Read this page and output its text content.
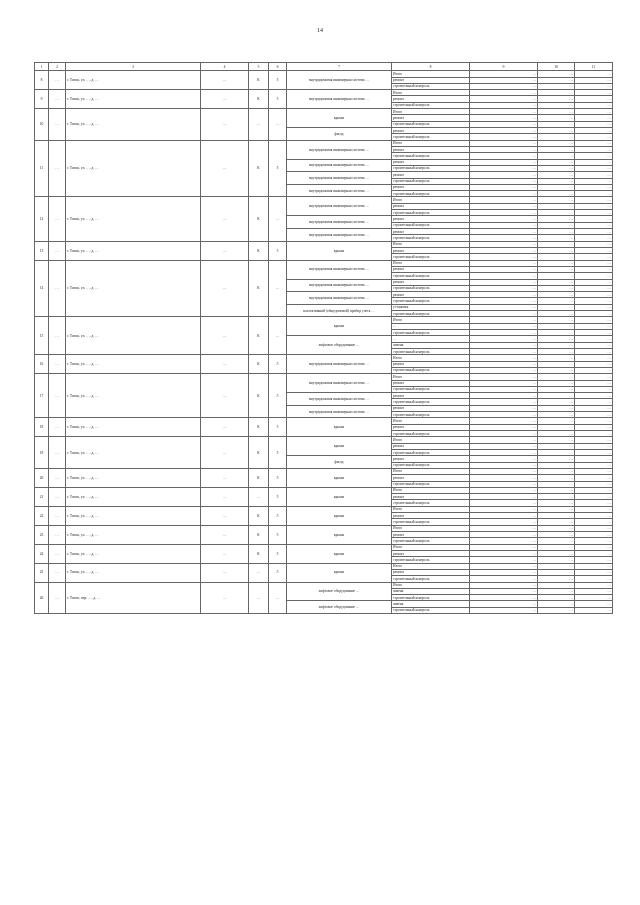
14
1	2	3	4	5	6	7	8	9	10	11
8	…	г. Томск, ул. …, д. …	…	К	5	внутридомовая инженерная система …	Итого	…	…	…
							ремонт	…	…	…
							строительный контроль	…	…	…
9	…	г. Томск, ул. …, д. …	…	К	5	внутридомовая инженерная система …	Итого	…	…	…
							ремонт	…	…	…
							строительный контроль	…	…	…
10	…	г. Томск, ул. …, д. …	…	…	…	крыша	Итого	…	…	…
							ремонт	…	…	…
							строительный контроль	…	…	…
						фасад	ремонт	…	…	…
							строительный контроль	…	…	…
11	…	г. Томск, ул. …, д. …	…	К	5	внутридомовая инженерная система …	Итого	…	…	…
							ремонт	…	…	…
							строительный контроль	…	…	…
						внутридомовая инженерная система …	ремонт	…	…	…
							строительный контроль	…	…	…
						внутридомовая инженерная система …	ремонт	…	…	…
							строительный контроль	…	…	…
						внутридомовая инженерная система …	ремонт	…	…	…
							строительный контроль	…	…	…
12	…	г. Томск, ул. …, д. …	…	К	…	внутридомовая инженерная система …	Итого	…	…	…
							ремонт	…	…	…
							строительный контроль	…	…	…
						внутридомовая инженерная система …	ремонт	…	…	…
							строительный контроль	…	…	…
						внутридомовая инженерная система …	ремонт	…	…	…
							строительный контроль	…	…	…
13	…	г. Томск, ул. …, д. …	…	К	5	крыша	Итого	…	…	…
							ремонт	…	…	…
							строительный контроль	…	…	…
14	…	г. Томск, ул. …, д. …	…	К	…	внутридомовая инженерная система …	Итого	…	…	…
							ремонт	…	…	…
							строительный контроль	…	…	…
						внутридомовая инженерная система …	ремонт	…	…	…
							строительный контроль	…	…	…
						внутридомовая инженерная система …	ремонт	…	…	…
							строительный контроль	…	…	…
						коллективный (общедомовой) прибор учета …	установка	…	…	…
							строительный контроль	…	…	…
15	…	г. Томск, ул. …, д. …	…	К	…	крыша	Итого	…	…	…
							…	…	…	…
							строительный контроль	…	…	…
						лифтовое оборудование …	…	…	…	…
							замена	…	…	…
							строительный контроль	…	…	…
16	…	г. Томск, ул. …, д. …	…	К	5	внутридомовая инженерная система …	Итого	…	…	…
							ремонт	…	…	…
							строительный контроль	…	…	…
17	…	г. Томск, ул. …, д. …	…	К	5	внутридомовая инженерная система …	Итого	…	…	…
							ремонт	…	…	…
							строительный контроль	…	…	…
						внутридомовая инженерная система …	ремонт	…	…	…
							строительный контроль	…	…	…
						внутридомовая инженерная система …	ремонт	…	…	…
							строительный контроль	…	…	…
18	…	г. Томск, ул. …, д. …	…	К	5	крыша	Итого	…	…	…
							ремонт	…	…	…
							строительный контроль	…	…	…
19	…	г. Томск, ул. …, д. …	…	К	5	крыша	Итого	…	…	…
							ремонт	…	…	…
							строительный контроль	…	…	…
						фасад	ремонт	…	…	…
							строительный контроль	…	…	…
20	…	г. Томск, ул. …, д. …	…	К	5	крыша	Итого	…	…	…
							ремонт	…	…	…
							строительный контроль	…	…	…
21	…	г. Томск, ул. …, д. …	…	…	5	крыша	Итого	…	…	…
							ремонт	…	…	…
							строительный контроль	…	…	…
22	…	г. Томск, ул. …, д. …	…	К	5	крыша	Итого	…	…	…
							ремонт	…	…	…
							строительный контроль	…	…	…
23	…	г. Томск, ул. …, д. …	…	К	5	крыша	Итого	…	…	…
							ремонт	…	…	…
							строительный контроль	…	…	…
24	…	г. Томск, ул. …, д. …	…	К	5	крыша	Итого	…	…	…
							ремонт	…	…	…
							строительный контроль	…	…	…
25	…	г. Томск, ул. …, д. …	…	…	5	крыша	Итого	…	…	…
							ремонт	…	…	…
							строительный контроль	…	…	…
26	…	г. Томск, пер. …, д. …	…	…	…	лифтовое оборудование …	Итого	…	…	…
							замена	…	…	…
							строительный контроль	…	…	…
						лифтовое оборудование …	замена	…	…	…
							строительный контроль	…	…	…
